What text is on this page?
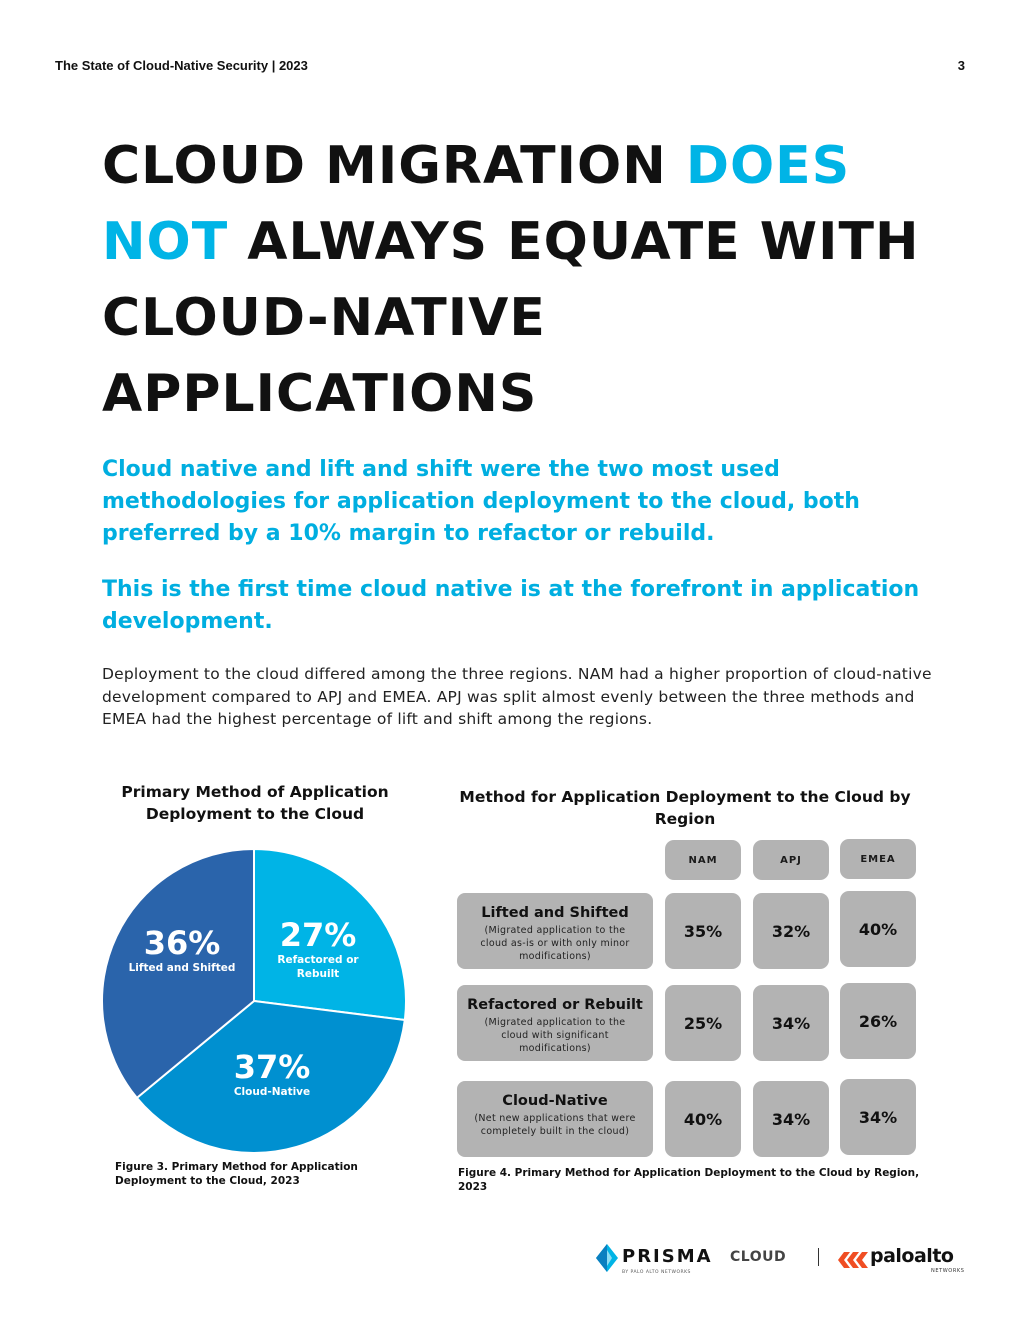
The State of Cloud-Native Security | 2023	3
CLOUD MIGRATION DOES NOT ALWAYS EQUATE WITH CLOUD-NATIVE APPLICATIONS

Cloud native and lift and shift were the two most used methodologies for application deployment to the cloud, both preferred by a 10% margin to refactor or rebuild.

This is the first time cloud native is at the forefront in application development.

Deployment to the cloud differed among the three regions. NAM had a higher proportion of cloud-native development compared to APJ and EMEA. APJ was split almost evenly between the three methods and EMEA had the highest percentage of lift and shift among the regions.

Primary Method of Application Deployment to the Cloud
27%
Refactored or Rebuilt
37%
Cloud-Native
36%
Lifted and Shifted
Figure 3. Primary Method for Application Deployment to the Cloud, 2023
Method for Application Deployment to the Cloud by Region
NAM	APJ	EMEA
Lifted and Shifted
(Migrated application to the cloud as-is or with only minor modifications)
35%	32%	40%
Refactored or Rebuilt
(Migrated application to the cloud with significant modifications)
25%	34%	26%
Cloud-Native
(Net new applications that were completely built in the cloud)
40%	34%	34%
Figure 4. Primary Method for Application Deployment to the Cloud by Region, 2023
PRISMA CLOUD
BY PALO ALTO NETWORKS
paloalto
NETWORKS
